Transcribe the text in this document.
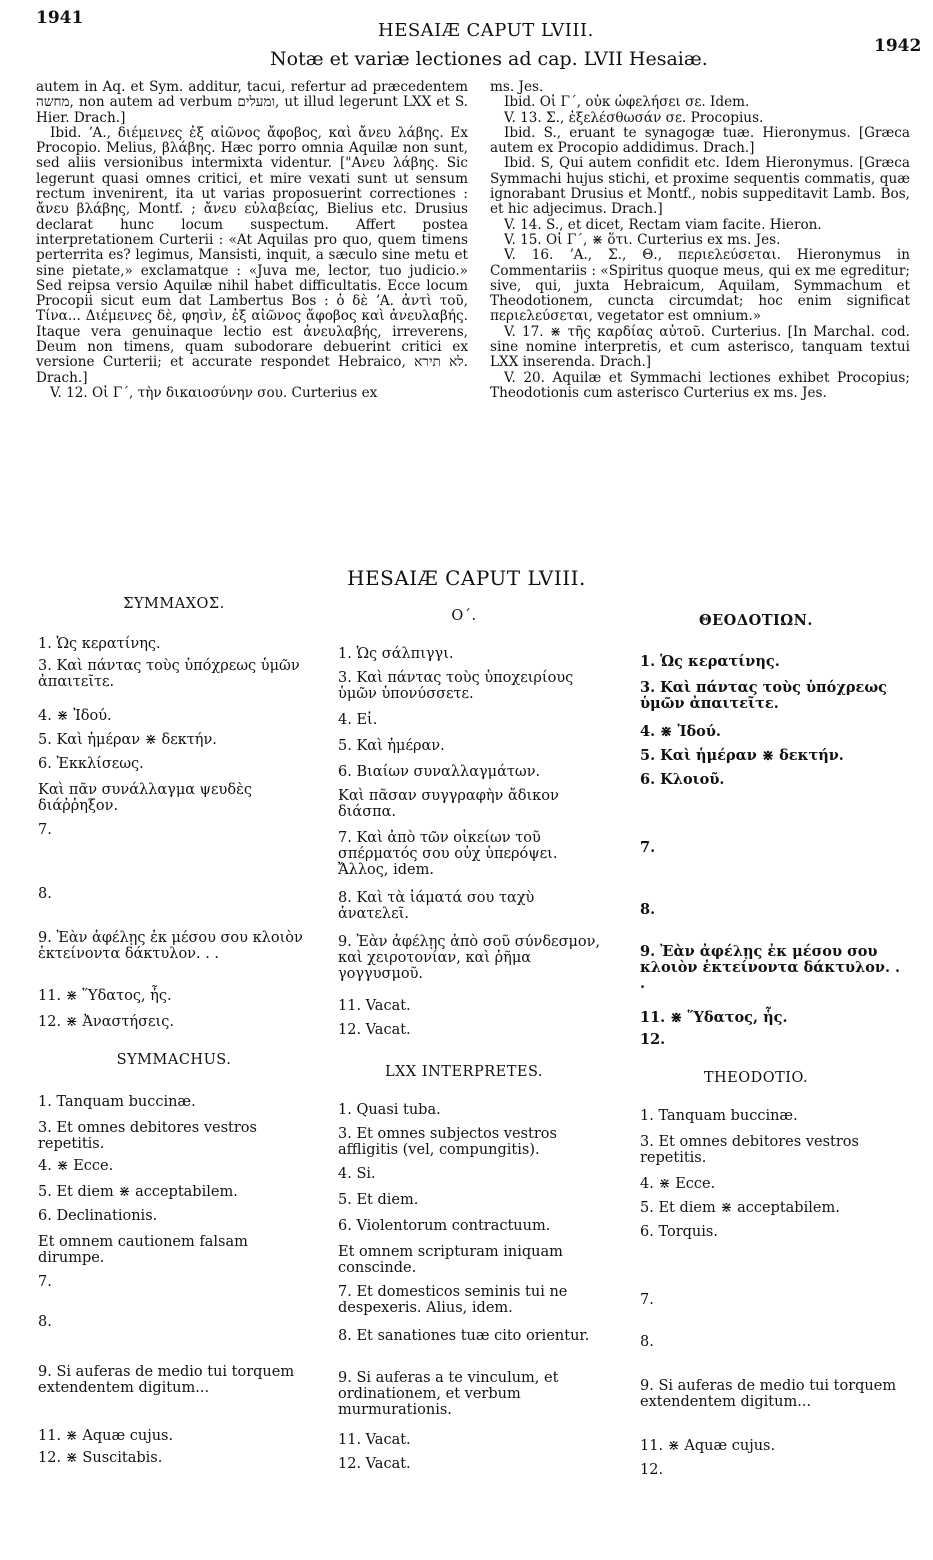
1941
HESAIÆ CAPUT LVIII.
1942
Notæ et variæ lectiones ad cap. LVII Hesaiæ.

autem in Aq. et Sym. additur, tacui, refertur ad præcedentem מחשה, non autem ad verbum ומעלים, ut illud legerunt LXX et S. Hier. Drach.]

Ibid. ʼΑ., διέμεινες ἐξ αἰῶνος ἄφοβος, καὶ ἄνευ λάβης. Ex Procopio. Melius, βλάβης. Hæc porro omnia Aquilæ non sunt, sed aliis versionibus intermixta videntur. ["Ανευ λάβης. Sic legerunt quasi omnes critici, et mire vexati sunt ut sensum rectum invenirent, ita ut varias proposuerint correctiones : ἄνευ βλάβης, Montf. ; ἄνευ εὐλαβείας, Bielius etc. Drusius declarat hunc locum suspectum. Affert postea interpretationem Curterii : «At Aquilas pro quo, quem timens perterrita es? legimus, Mansisti, inquit, a sæculo sine metu et sine pietate,» exclamatque : «Juva me, lector, tuo judicio.» Sed reipsa versio Aquilæ nihil habet difficultatis. Ecce locum Procopii sicut eum dat Lambertus Bos : ὁ δὲ ʼΑ. ἀντὶ τοῦ, Τίνα... Διέμεινες δὲ, φησὶν, ἐξ αἰῶνος ἄφοβος καὶ ἀνευλαβής. Itaque vera genuinaque lectio est ἀνευλαβής, irreverens, Deum non timens, quam subodorare debuerint critici ex versione Curterii; et accurate respondet Hebraico, לא תירא. Drach.]

V. 12. Οἱ Γ΄, τὴν δικαιοσύνην σου. Curterius ex

ms. Jes.

Ibid. Οἱ Γ΄, οὐκ ὠφελήσει σε. Idem.

V. 13. Σ., ἐξελέσθωσάν σε. Procopius.

Ibid. S., eruant te synagogæ tuæ. Hieronymus. [Græca autem ex Procopio addidimus. Drach.]

Ibid. S, Qui autem confidit etc. Idem Hieronymus. [Græca Symmachi hujus stichi, et proxime sequentis commatis, quæ ignorabant Drusius et Montf., nobis suppeditavit Lamb. Bos, et hic adjecimus. Drach.]

V. 14. S., et dicet, Rectam viam facite. Hieron.

V. 15. Οἱ Γ΄, ⋇ ὅτι. Curterius ex ms. Jes.

V. 16. ʼΑ., Σ., Θ., περιελεύσεται. Hieronymus in Commentariis : «Spiritus quoque meus, qui ex me egreditur; sive, qui, juxta Hebraicum, Aquilam, Symmachum et Theodotionem, cuncta circumdat; hoc enim significat περιελεύσεται, vegetator est omnium.»

V. 17. ⋇ τῆς καρδίας αὐτοῦ. Curterius. [In Marchal. cod. sine nomine interpretis, et cum asterisco, tanquam textui LXX inserenda. Drach.]

V. 20. Aquilæ et Symmachi lectiones exhibet Procopius; Theodotionis cum asterisco Curterius ex ms. Jes.

HESAIÆ CAPUT LVIII.
ΣΥΜΜΑΧΟΣ.
Ο΄.	ΘΕΟΔΟΤΙΩΝ.
1. Ὡς κερατίνης.
3. Καὶ πάντας τοὺς ὑπόχρεως ὑμῶν ἀπαιτεῖτε.
4. ⋇ Ἰδού.
5. Καὶ ἡμέραν ⋇ δεκτήν.
6. Ἐκκλίσεως.
Καὶ πᾶν συνάλλαγμα ψευδὲς διάῤῥηξον.
7.
8.
9. Ἐὰν ἀφέλῃς ἐκ μέσου σου κλοιὸν ἐκτείνοντα δάκτυλον. . .
11. ⋇ Ὕδατος, ἧς.
12. ⋇ Ἀναστήσεις.
1. Ὡς σάλπιγγι.
3. Καὶ πάντας τοὺς ὑποχειρίους ὑμῶν ὑπονύσσετε.
4. Εἰ.
5. Καὶ ἡμέραν.
6. Βιαίων συναλλαγμάτων.
Καὶ πᾶσαν συγγραφὴν ἄδικον διάσπα.
7. Καὶ ἀπὸ τῶν οἰκείων τοῦ σπέρματός σου οὐχ ὑπερόψει. Ἄλλος, idem.
8. Καὶ τὰ ἰάματά σου ταχὺ ἀνατελεῖ.
9. Ἐὰν ἀφέλῃς ἀπὸ σοῦ σύνδεσμον, καὶ χειροτονίαν, καὶ ῥῆμα γογγυσμοῦ.
11. Vacat.
12. Vacat.
1. Ὡς κερατίνης.
3. Καὶ πάντας τοὺς ὑπόχρεως ὑμῶν ἀπαιτεῖτε.
4. ⋇ Ἰδού.
5. Καὶ ἡμέραν ⋇ δεκτήν.
6. Κλοιοῦ.
7.
8.
9. Ἐὰν ἀφέλῃς ἐκ μέσου σου κλοιὸν ἐκτείνοντα δάκτυλον. . .
11. ⋇ Ὕδατος, ἧς.
12.
SYMMACHUS.
LXX INTERPRETES.	THEODOTIO.
1. Tanquam buccinæ.
3. Et omnes debitores vestros repetitis.
4. ⋇ Ecce.
5. Et diem ⋇ acceptabilem.
6. Declinationis.
Et omnem cautionem falsam dirumpe.
7.
8.
9. Si auferas de medio tui torquem extendentem digitum...
11. ⋇ Aquæ cujus.
12. ⋇ Suscitabis.
1. Quasi tuba.
3. Et omnes subjectos vestros affligitis (vel, compungitis).
4. Si.
5. Et diem.
6. Violentorum contractuum.
Et omnem scripturam iniquam conscinde.
7. Et domesticos seminis tui ne despexeris. Alius, idem.
8. Et sanationes tuæ cito orientur.
9. Si auferas a te vinculum, et ordinationem, et verbum murmurationis.
11. Vacat.
12. Vacat.
1. Tanquam buccinæ.
3. Et omnes debitores vestros repetitis.
4. ⋇ Ecce.
5. Et diem ⋇ acceptabilem.
6. Torquis.
7.
8.
9. Si auferas de medio tui torquem extendentem digitum...
11. ⋇ Aquæ cujus.
12.
